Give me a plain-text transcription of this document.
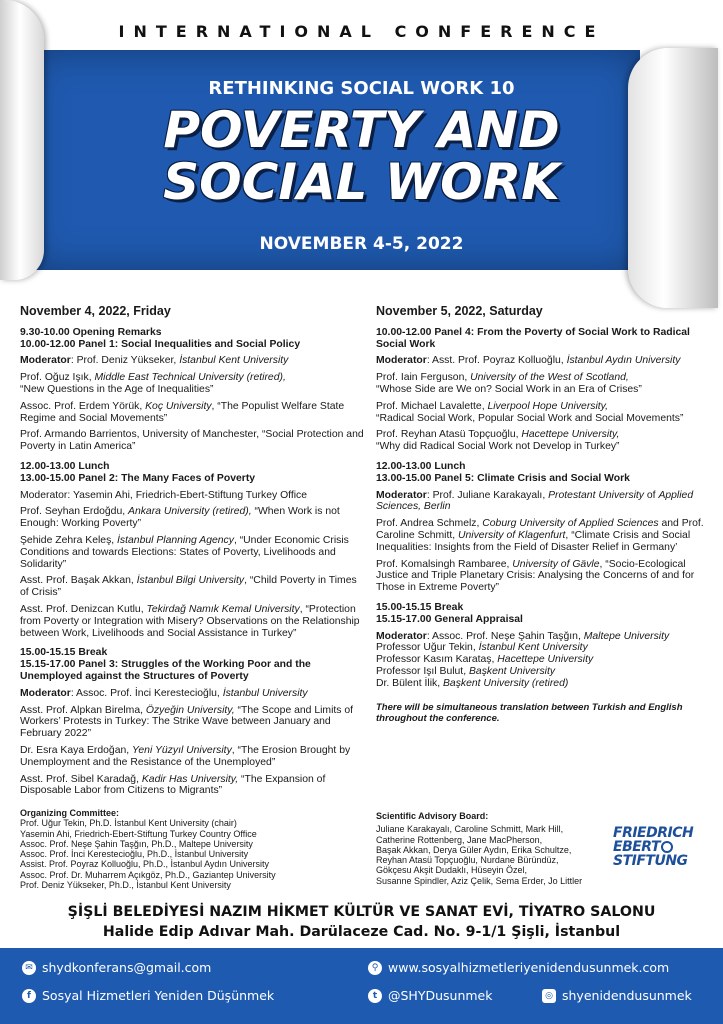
INTERNATIONAL CONFERENCE
RETHINKING SOCIAL WORK 10
POVERTY AND
SOCIAL WORK
NOVEMBER 4-5, 2022
November 4, 2022, Friday
9.30-10.00 Opening Remarks
10.00-12.00 Panel 1: Social Inequalities and Social Policy
Moderator: Prof. Deniz Yükseker, İstanbul Kent University
Prof. Oğuz Işık, Middle East Technical University (retired),
“New Questions in the Age of Inequalities”
Assoc. Prof. Erdem Yörük, Koç University, “The Populist Welfare State Regime and Social Movements”
Prof. Armando Barrientos, University of Manchester, “Social Protection and Poverty in Latin America”
12.00-13.00 Lunch
13.00-15.00 Panel 2: The Many Faces of Poverty
Moderator: Yasemin Ahi, Friedrich-Ebert-Stiftung Turkey Office
Prof. Seyhan Erdoğdu, Ankara University (retired), “When Work is not Enough: Working Poverty”
Şehide Zehra Keleş, İstanbul Planning Agency, “Under Economic Crisis Conditions and towards Elections: States of Poverty, Livelihoods and Solidarity”
Asst. Prof. Başak Akkan, İstanbul Bilgi University, “Child Poverty in Times of Crisis”
Asst. Prof. Denizcan Kutlu, Tekirdağ Namık Kemal University, “Protection from Poverty or Integration with Misery? Observations on the Relationship between Work, Livelihoods and Social Assistance in Turkey”
15.00-15.15 Break
15.15-17.00 Panel 3: Struggles of the Working Poor and the Unemployed against the Structures of Poverty
Moderator: Assoc. Prof. İnci Kerestecioğlu, İstanbul University
Asst. Prof. Alpkan Birelma, Özyeğin University, “The Scope and Limits of Workers’ Protests in Turkey: The Strike Wave between January and February 2022”
Dr. Esra Kaya Erdoğan, Yeni Yüzyıl University, “The Erosion Brought by Unemployment and the Resistance of the Unemployed”
Asst. Prof. Sibel Karadağ, Kadir Has University, “The Expansion of Disposable Labor from Citizens to Migrants”
November 5, 2022, Saturday
10.00-12.00 Panel 4: From the Poverty of Social Work to Radical Social Work
Moderator: Asst. Prof. Poyraz Kolluoğlu, İstanbul Aydın University
Prof. Iain Ferguson, University of the West of Scotland,
“Whose Side are We on? Social Work in an Era of Crises”
Prof. Michael Lavalette, Liverpool Hope University,
“Radical Social Work, Popular Social Work and Social Movements”
Prof. Reyhan Atasü Topçuoğlu, Hacettepe University,
“Why did Radical Social Work not Develop in Turkey”
12.00-13.00 Lunch
13.00-15.00 Panel 5: Climate Crisis and Social Work
Moderator: Prof. Juliane Karakayalı, Protestant University of Applied Sciences, Berlin
Prof. Andrea Schmelz, Coburg University of Applied Sciences and Prof. Caroline Schmitt, University of Klagenfurt, “Climate Crisis and Social Inequalities: Insights from the Field of Disaster Relief in Germany’
Prof. Komalsingh Rambaree, University of Gävle, “Socio-Ecological Justice and Triple Planetary Crisis: Analysing the Concerns of and for Those in Extreme Poverty”
15.00-15.15 Break
15.15-17.00 General Appraisal
Moderator: Assoc. Prof. Neşe Şahin Taşğın, Maltepe University
Professor Uğur Tekin, İstanbul Kent University
Professor Kasım Karataş, Hacettepe University
Professor Işıl Bulut, Başkent University
Dr. Bülent İlik, Başkent University (retired)
There will be simultaneous translation between Turkish and English throughout the conference.
Organizing Committee:
Prof. Uğur Tekin, Ph.D. İstanbul Kent University (chair)
Yasemin Ahi, Friedrich-Ebert-Stiftung Turkey Country Office
Assoc. Prof. Neşe Şahin Taşğın, Ph.D., Maltepe University
Assoc. Prof. İnci Kerestecioğlu, Ph.D., İstanbul University
Assist. Prof. Poyraz Kolluoğlu, Ph.D., İstanbul Aydın University
Assoc. Prof. Dr. Muharrem Açıkgöz, Ph.D., Gaziantep University
Prof. Deniz Yükseker, Ph.D., İstanbul Kent University
Scientific Advisory Board:
Juliane Karakayalı, Caroline Schmitt, Mark Hill,
Catherine Rottenberg, Jane MacPherson,
Başak Akkan, Derya Güler Aydın, Erika Schultze,
Reyhan Atasü Topçuoğlu, Nurdane Büründüz,
Gökçesu Akşit Dudaklı, Hüseyin Özel,
Susanne Spindler, Aziz Çelik, Sema Erder, Jo Littler
FRIEDRICH
EBERT
STIFTUNG
ŞİŞLİ BELEDİYESİ NAZIM HİKMET KÜLTÜR VE SANAT EVİ, TİYATRO SALONU
Halide Edip Adıvar Mah. Darülaceze Cad. No. 9-1/1 Şişli, İstanbul
✉ shydkonferans@gmail.com	⚲ www.sosyalhizmetleriyenidendusunmek.com
f Sosyal Hizmetleri Yeniden Düşünmek	t @SHYDusunmek	◎ shyenidendusunmek
